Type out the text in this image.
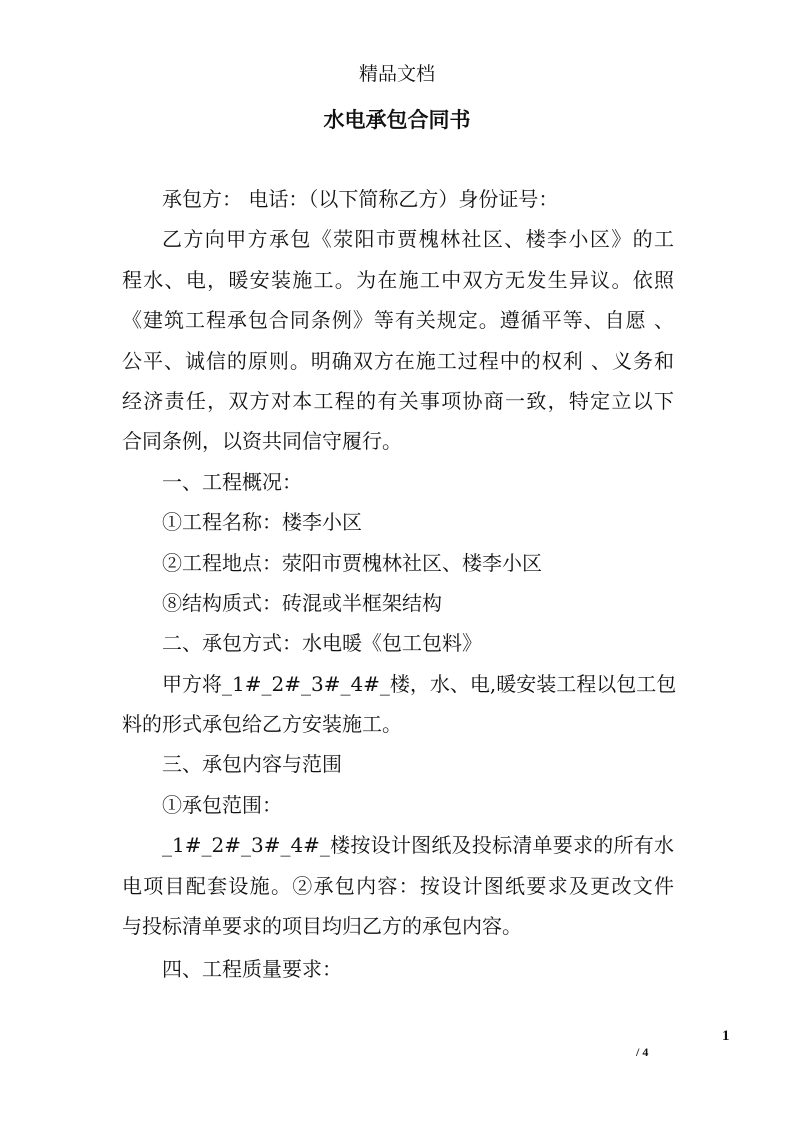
精品文档
水电承包合同书
承包方： 电话：（以下简称乙方）身份证号：
乙方向甲方承包《荥阳市贾槐林社区、楼李小区》的工
程水、电，暖安装施工。为在施工中双方无发生异议。依照
《建筑工程承包合同条例》等有关规定。遵循平等、自愿 、
公平、诚信的原则。明确双方在施工过程中的权利 、义务和
经济责任，双方对本工程的有关事项协商一致，特定立以下
合同条例，以资共同信守履行。
一、工程概况：
①工程名称：楼李小区
②工程地点：荥阳市贾槐林社区、楼李小区
⑧结构质式：砖混或半框架结构
二、承包方式：水电暖《包工包料》
甲方将_1#_2#_3#_4#_楼，水、电,暖安装工程以包工包
料的形式承包给乙方安装施工。
三、承包内容与范围
①承包范围：
_1#_2#_3#_4#_楼按设计图纸及投标清单要求的所有水
电项目配套设施。②承包内容：按设计图纸要求及更改文件
与投标清单要求的项目均归乙方的承包内容。
四、工程质量要求：
1
/ 4
